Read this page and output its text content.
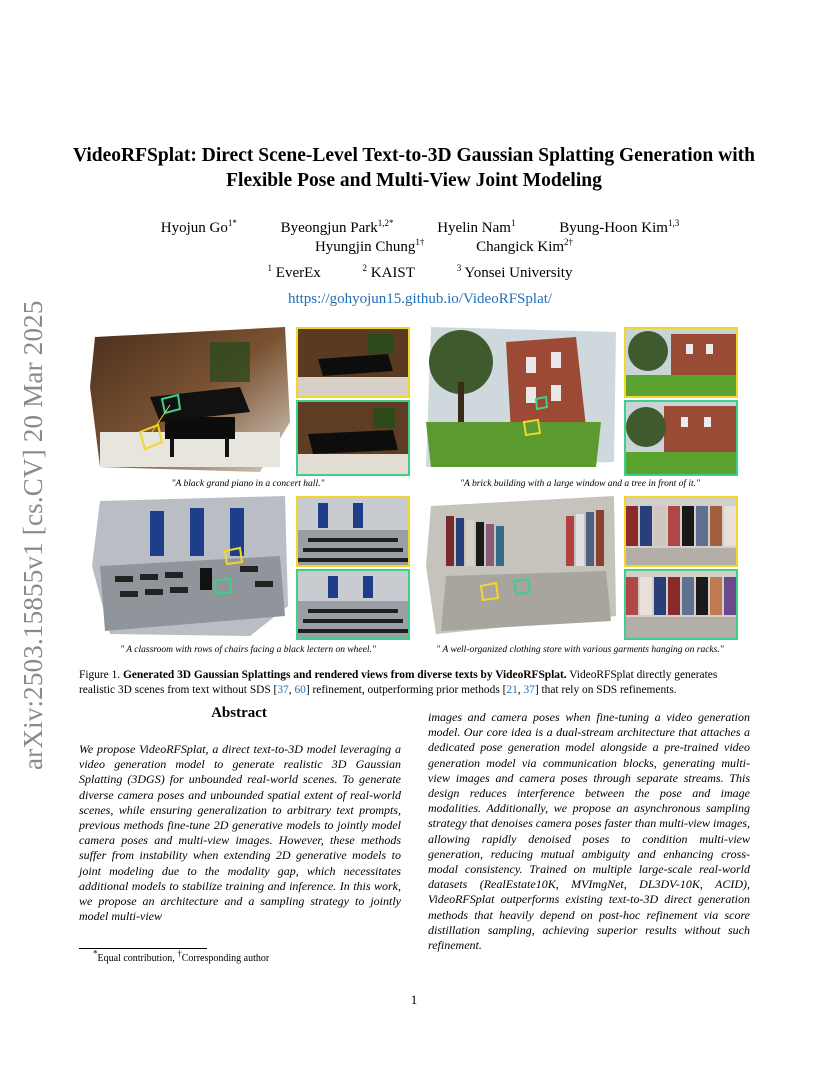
arXiv:2503.15855v1 [cs.CV] 20 Mar 2025
VideoRFSplat: Direct Scene-Level Text-to-3D Gaussian Splatting Generation with
Flexible Pose and Multi-View Joint Modeling
Hyojun $Go^{1*}$	Byeongjun Park$^{1,2*}$	Hyelin Nam$^1$	Byung-Hoon Kim$^{1,3}$
Hyungjin Chung$^{1\dagger}$	Changick Kim$^{2\dagger}$
$^1$ EverEx	$^2$ KAIST	$^3$ Yonsei University
https://gohyojun15.github.io/VideoRFSplat/
"A black grand piano in a concert hall."	"A brick building with a large window and a tree in front of it."
" A classroom with rows of chairs facing a black lectern on wheel."	" A well-organized clothing store with various garments hanging on racks."
Figure 1. Generated 3D Gaussian Splattings and rendered views from diverse texts by VideoRFSplat. VideoRFSplat directly generates realistic 3D scenes from text without SDS [37, 60] refinement, outperforming prior methods [21, 37] that rely on SDS refinements.
Abstract
We propose VideoRFSplat, a direct text-to-3D model leveraging a video generation model to generate realistic 3D Gaussian Splatting (3DGS) for unbounded real-world scenes. To generate diverse camera poses and unbounded spatial extent of real-world scenes, while ensuring generalization to arbitrary text prompts, previous methods fine-tune 2D generative models to jointly model camera poses and multi-view images. However, these methods suffer from instability when extending 2D generative models to joint modeling due to the modality gap, which necessitates additional models to stabilize training and inference. In this work, we propose an architecture and a sampling strategy to jointly model multi-view
images and camera poses when fine-tuning a video generation model. Our core idea is a dual-stream architecture that attaches a dedicated pose generation model alongside a pre-trained video generation model via communication blocks, generating multi-view images and camera poses through separate streams. This design reduces interference between the pose and image modalities. Additionally, we propose an asynchronous sampling strategy that denoises camera poses faster than multi-view images, allowing rapidly denoised poses to condition multi-view generation, reducing mutual ambiguity and enhancing cross-modal consistency. Trained on multiple large-scale real-world datasets (RealEstate10K, MVImgNet, DL3DV-10K, ACID), VideoRFSplat outperforms existing text-to-3D direct generation methods that heavily depend on post-hoc refinement via score distillation sampling, achieving superior results without such refinement.
*Equal contribution, †Corresponding author
1
